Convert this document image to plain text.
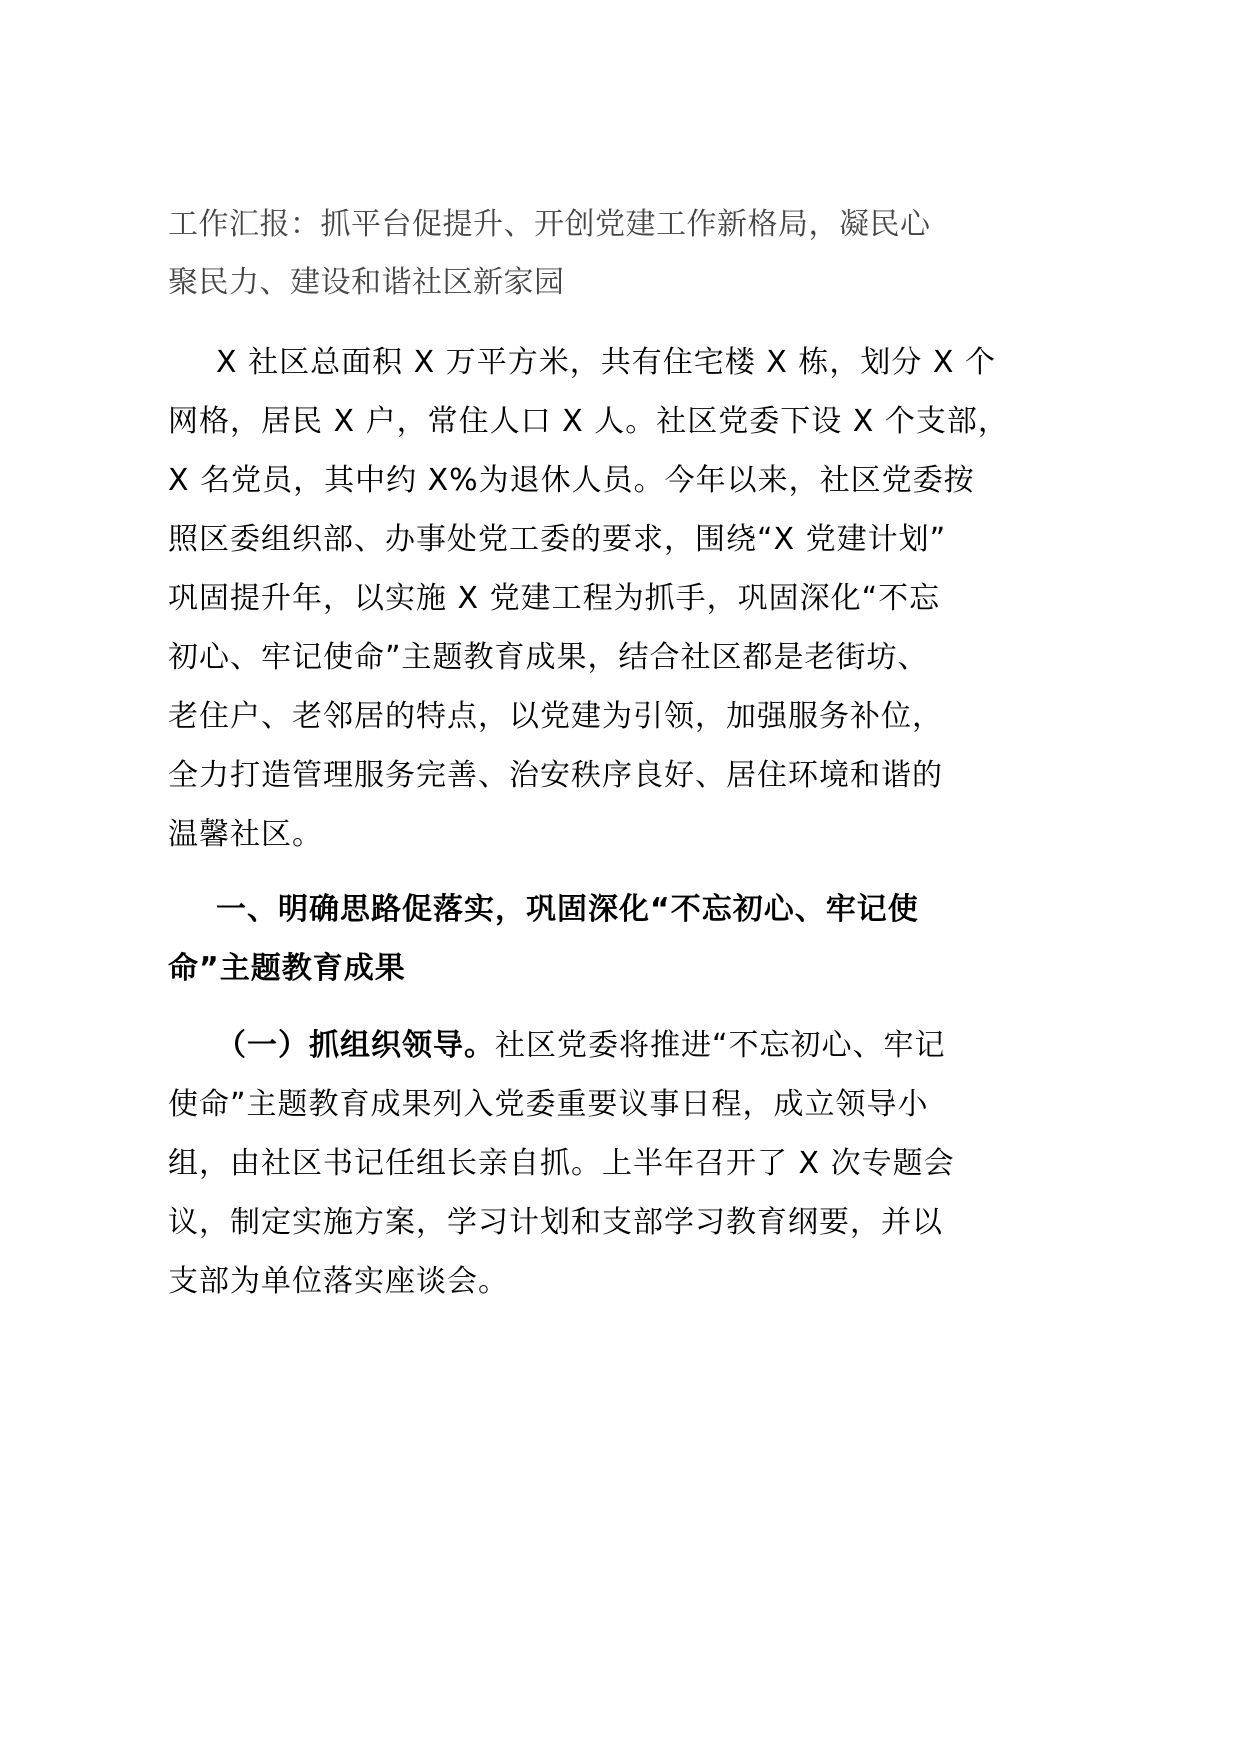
工作汇报：抓平台促提升、开创党建工作新格局，凝民心
聚民力、建设和谐社区新家园

X 社区总面积 X 万平方米，共有住宅楼 X 栋，划分 X 个
网格，居民 X 户，常住人口 X 人。社区党委下设 X 个支部，
X 名党员，其中约 X%为退休人员。今年以来，社区党委按
照区委组织部、办事处党工委的要求，围绕“X 党建计划”
巩固提升年，以实施 X 党建工程为抓手，巩固深化“不忘
初心、牢记使命”主题教育成果，结合社区都是老街坊、
老住户、老邻居的特点，以党建为引领，加强服务补位，
全力打造管理服务完善、治安秩序良好、居住环境和谐的
温馨社区。

一、明确思路促落实，巩固深化“不忘初心、牢记使
命”主题教育成果

（一）抓组织领导。社区党委将推进“不忘初心、牢记
使命”主题教育成果列入党委重要议事日程，成立领导小
组，由社区书记任组长亲自抓。上半年召开了 X 次专题会
议，制定实施方案，学习计划和支部学习教育纲要，并以
支部为单位落实座谈会。
